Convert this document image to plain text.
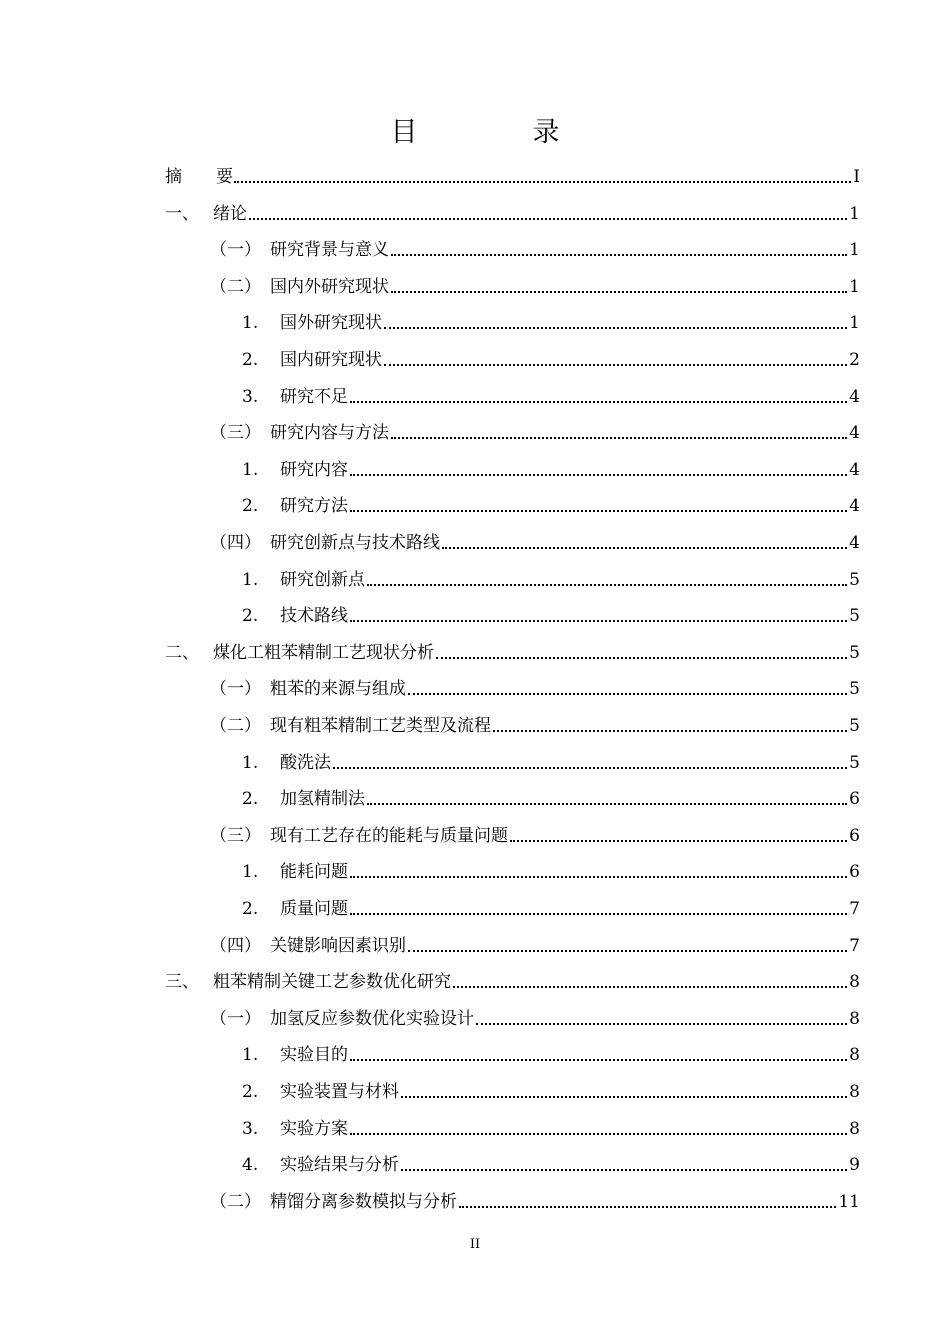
目　录
摘　　要	I
一、 绪论	1
（一） 研究背景与意义	1
（二） 国内外研究现状	1
1. 国外研究现状	1
2. 国内研究现状	2
3. 研究不足	4
（三） 研究内容与方法	4
1. 研究内容	4
2. 研究方法	4
（四） 研究创新点与技术路线	4
1. 研究创新点	5
2. 技术路线	5
二、 煤化工粗苯精制工艺现状分析	5
（一） 粗苯的来源与组成	5
（二） 现有粗苯精制工艺类型及流程	5
1. 酸洗法	5
2. 加氢精制法	6
（三） 现有工艺存在的能耗与质量问题	6
1. 能耗问题	6
2. 质量问题	7
（四） 关键影响因素识别	7
三、 粗苯精制关键工艺参数优化研究	8
（一） 加氢反应参数优化实验设计	8
1. 实验目的	8
2. 实验装置与材料	8
3. 实验方案	8
4. 实验结果与分析	9
（二） 精馏分离参数模拟与分析	11
II
